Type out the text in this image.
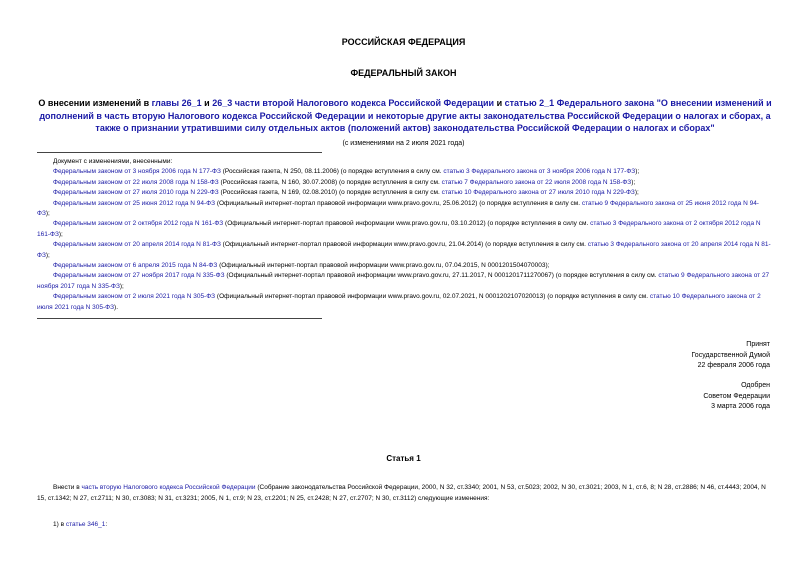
РОССИЙСКАЯ ФЕДЕРАЦИЯ
ФЕДЕРАЛЬНЫЙ ЗАКОН
О внесении изменений в главы 26_1 и 26_3 части второй Налогового кодекса Российской Федерации и статью 2_1 Федерального закона "О внесении изменений и дополнений в часть вторую Налогового кодекса Российской Федерации и некоторые другие акты законодательства Российской Федерации о налогах и сборах, а также о признании утратившими силу отдельных актов (положений актов) законодательства Российской Федерации о налогах и сборах"
(с изменениями на 2 июля 2021 года)

Документ с изменениями, внесенными:

Федеральным законом от 3 ноября 2006 года N 177-ФЗ (Российская газета, N 250, 08.11.2006) (о порядке вступления в силу см. статью 3 Федерального закона от 3 ноября 2006 года N 177-ФЗ);

Федеральным законом от 22 июля 2008 года N 158-ФЗ (Российская газета, N 160, 30.07.2008) (о порядке вступления в силу см. статью 7 Федерального закона от 22 июля 2008 года N 158-ФЗ);

Федеральным законом от 27 июля 2010 года N 229-ФЗ (Российская газета, N 169, 02.08.2010) (о порядке вступления в силу см. статью 10 Федерального закона от 27 июля 2010 года N 229-ФЗ);

Федеральным законом от 25 июня 2012 года N 94-ФЗ (Официальный интернет-портал правовой информации www.pravo.gov.ru, 25.06.2012) (о порядке вступления в силу см. статью 9 Федерального закона от 25 июня 2012 года N 94-ФЗ);

Федеральным законом от 2 октября 2012 года N 161-ФЗ (Официальный интернет-портал правовой информации www.pravo.gov.ru, 03.10.2012) (о порядке вступления в силу см. статью 3 Федерального закона от 2 октября 2012 года N 161-ФЗ);

Федеральным законом от 20 апреля 2014 года N 81-ФЗ (Официальный интернет-портал правовой информации www.pravo.gov.ru, 21.04.2014) (о порядке вступления в силу см. статью 3 Федерального закона от 20 апреля 2014 года N 81-ФЗ);

Федеральным законом от 6 апреля 2015 года N 84-ФЗ (Официальный интернет-портал правовой информации www.pravo.gov.ru, 07.04.2015, N 0001201504070003);

Федеральным законом от 27 ноября 2017 года N 335-ФЗ (Официальный интернет-портал правовой информации www.pravo.gov.ru, 27.11.2017, N 0001201711270067) (о порядке вступления в силу см. статью 9 Федерального закона от 27 ноября 2017 года N 335-ФЗ);

Федеральным законом от 2 июля 2021 года N 305-ФЗ (Официальный интернет-портал правовой информации www.pravo.gov.ru, 02.07.2021, N 0001202107020013) (о порядке вступления в силу см. статью 10 Федерального закона от 2 июля 2021 года N 305-ФЗ).

Принят
Государственной Думой
22 февраля 2006 года
Одобрен
Советом Федерации
3 марта 2006 года
Статья 1

Внести в часть вторую Налогового кодекса Российской Федерации (Собрание законодательства Российской Федерации, 2000, N 32, ст.3340; 2001, N 53, ст.5023; 2002, N 30, ст.3021; 2003, N 1, ст.6, 8; N 28, ст.2886; N 46, ст.4443; 2004, N 15, ст.1342; N 27, ст.2711; N 30, ст.3083; N 31, ст.3231; 2005, N 1, ст.9; N 23, ст.2201; N 25, ст.2428; N 27, ст.2707; N 30, ст.3112) следующие изменения:

1) в статье 346_1:
